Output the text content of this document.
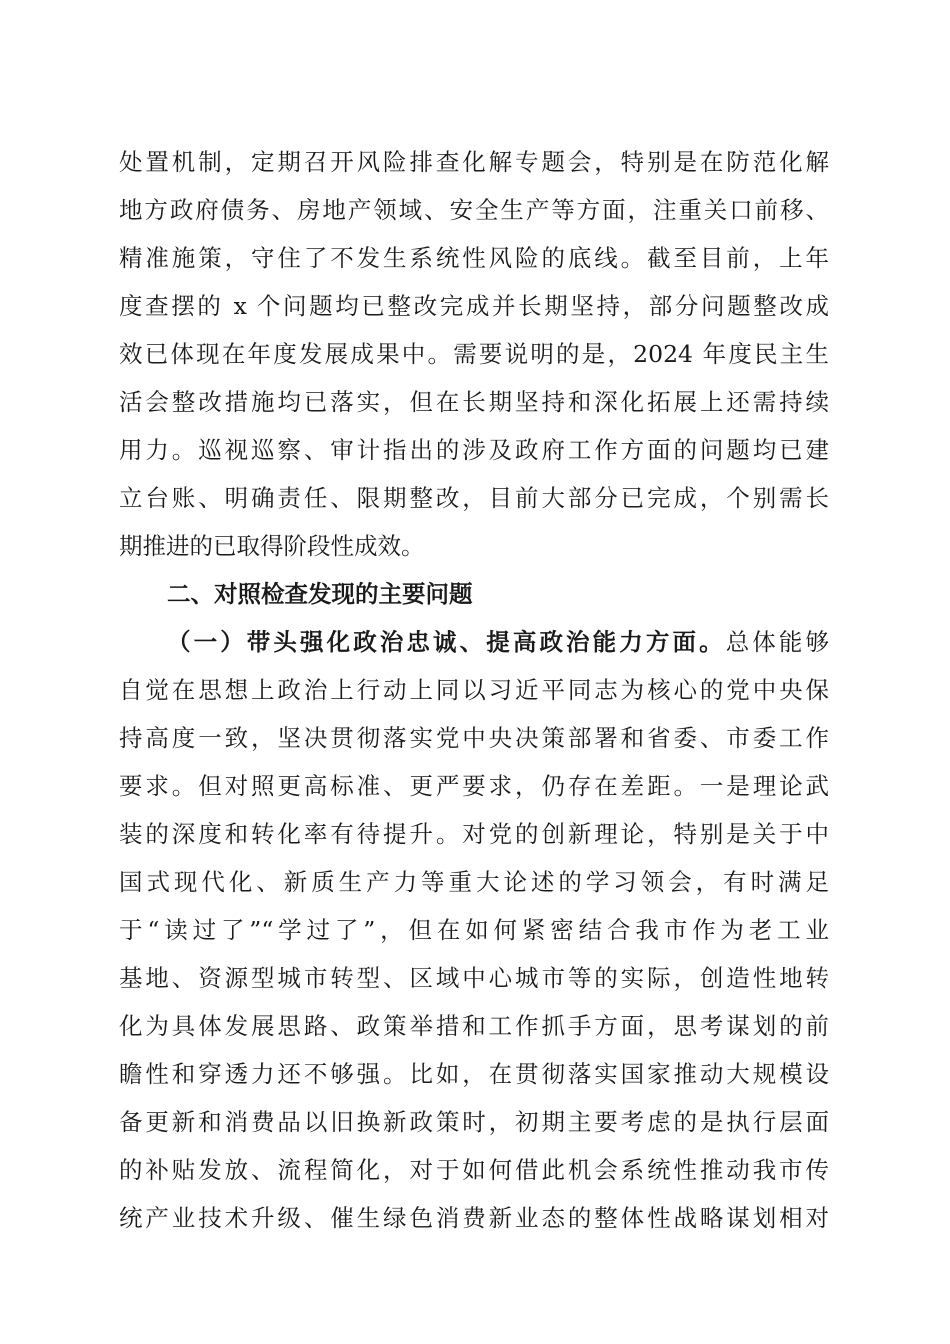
处置机制，定期召开风险排查化解专题会，特别是在防范化解
地方政府债务、房地产领域、安全生产等方面，注重关口前移、
精准施策，守住了不发生系统性风险的底线。截至目前，上年
度查摆的 x 个问题均已整改完成并长期坚持，部分问题整改成
效已体现在年度发展成果中。需要说明的是，2024 年度民主生
活会整改措施均已落实，但在长期坚持和深化拓展上还需持续
用力。巡视巡察、审计指出的涉及政府工作方面的问题均已建
立台账、明确责任、限期整改，目前大部分已完成，个别需长
期推进的已取得阶段性成效。
二、对照检查发现的主要问题
（一）带头强化政治忠诚、提高政治能力方面。总体能够
自觉在思想上政治上行动上同以习近平同志为核心的党中央保
持高度一致，坚决贯彻落实党中央决策部署和省委、市委工作
要求。但对照更高标准、更严要求，仍存在差距。一是理论武
装的深度和转化率有待提升。对党的创新理论，特别是关于中
国式现代化、新质生产力等重大论述的学习领会，有时满足
于“读过了”“学过了”，但在如何紧密结合我市作为老工业
基地、资源型城市转型、区域中心城市等的实际，创造性地转
化为具体发展思路、政策举措和工作抓手方面，思考谋划的前
瞻性和穿透力还不够强。比如，在贯彻落实国家推动大规模设
备更新和消费品以旧换新政策时，初期主要考虑的是执行层面
的补贴发放、流程简化，对于如何借此机会系统性推动我市传
统产业技术升级、催生绿色消费新业态的整体性战略谋划相对
